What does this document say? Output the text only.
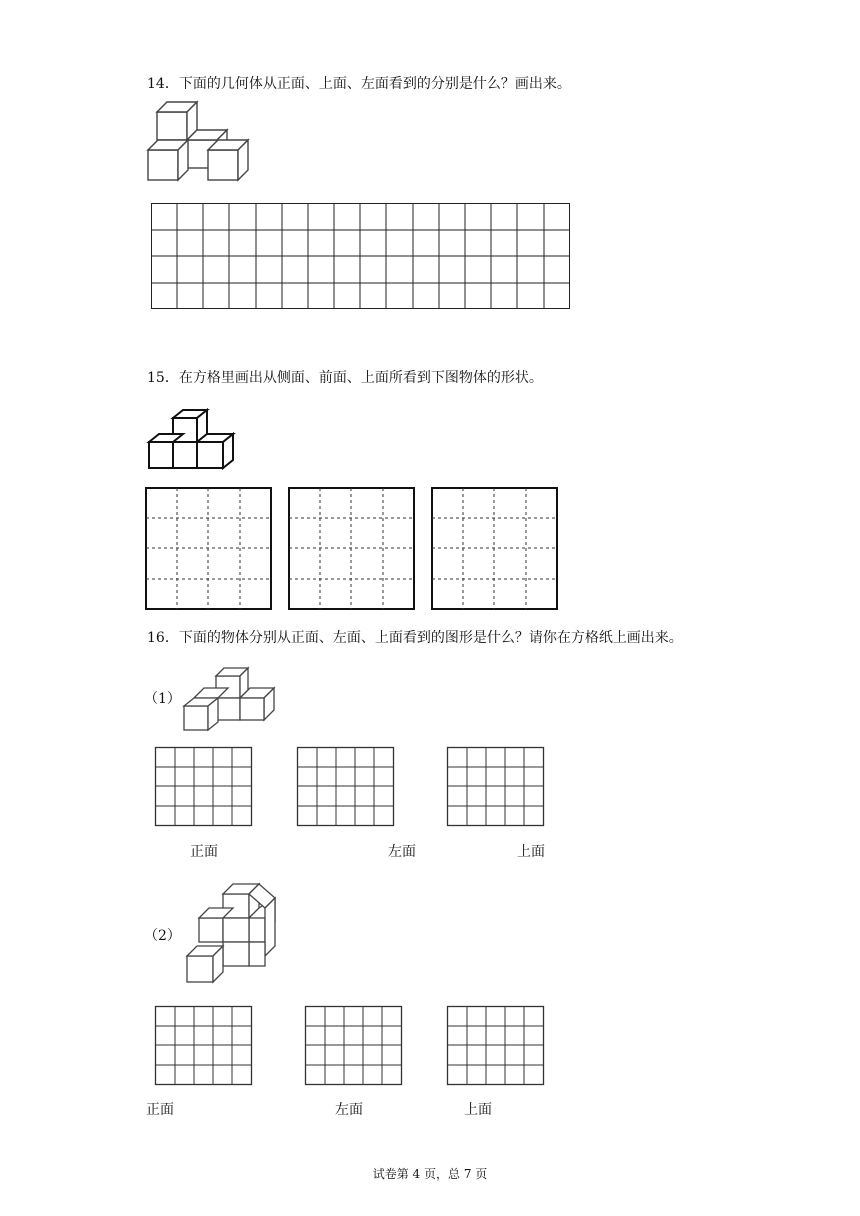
14．下面的几何体从正面、上面、左面看到的分别是什么？画出来。
15．在方格里画出从侧面、前面、上面所看到下图物体的形状。
16．下面的物体分别从正面、左面、上面看到的图形是什么？请你在方格纸上画出来。
（1）
正面	左面	上面
（2）
正面	左面	上面
试卷第 4 页，总 7 页
